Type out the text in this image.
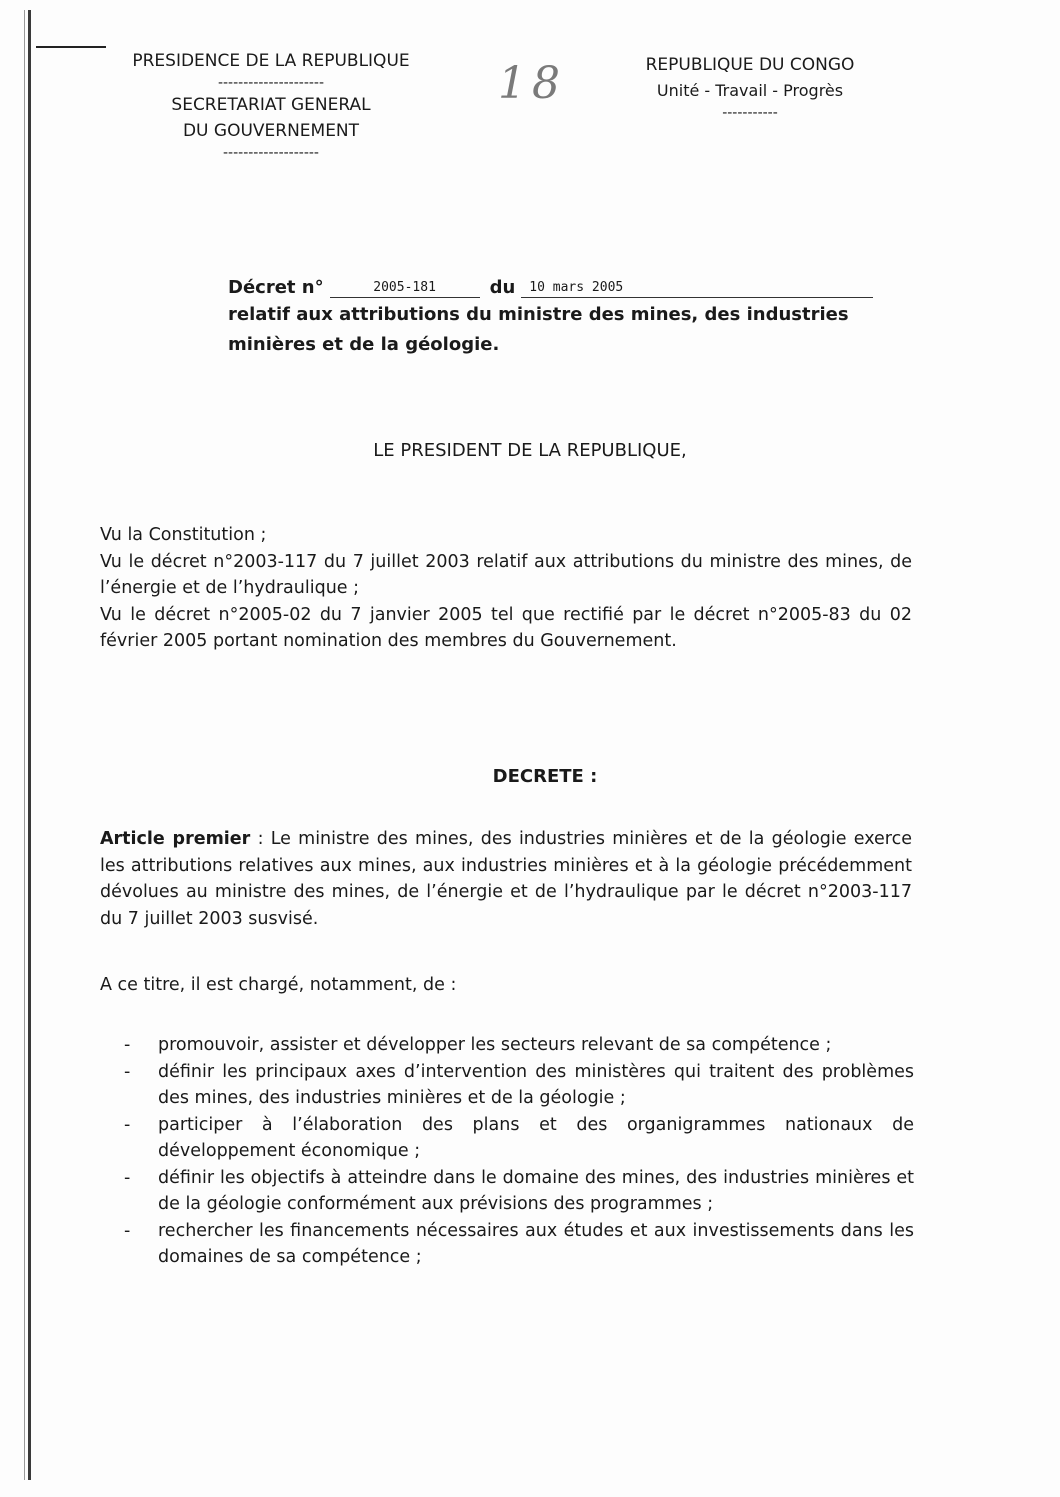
PRESIDENCE DE LA REPUBLIQUE
---------------------
SECRETARIAT GENERAL
DU GOUVERNEMENT
-------------------
18	REPUBLIQUE DU CONGO
Unité - Travail - Progrès
-----------
Décret n°	2005-181	du	10 mars 2005
relatif aux attributions du ministre des mines, des industries minières et de la géologie.
LE PRESIDENT DE LA REPUBLIQUE,

Vu la Constitution ;

Vu le décret n°2003-117 du 7 juillet 2003 relatif aux attributions du ministre des mines, de l’énergie et de l’hydraulique ;

Vu le décret n°2005-02 du 7 janvier 2005 tel que rectifié par le décret n°2005-83 du 02 février 2005 portant nomination des membres du Gouvernement.

DECRETE :
Article premier : Le ministre des mines, des industries minières et de la géologie exerce les attributions relatives aux mines, aux industries minières et à la géologie précédemment dévolues au ministre des mines, de l’énergie et de l’hydraulique par le décret n°2003-117 du 7 juillet 2003 susvisé.
A ce titre, il est chargé, notamment, de :
- promouvoir, assister et développer les secteurs relevant de sa compétence ;
- définir les principaux axes d’intervention des ministères qui traitent des problèmes des mines, des industries minières et de la géologie ;
- participer à l’élaboration des plans et des organigrammes nationaux de développement économique ;
- définir les objectifs à atteindre dans le domaine des mines, des industries minières et de la géologie conformément aux prévisions des programmes ;
- rechercher les financements nécessaires aux études et aux investissements dans les domaines de sa compétence ;
